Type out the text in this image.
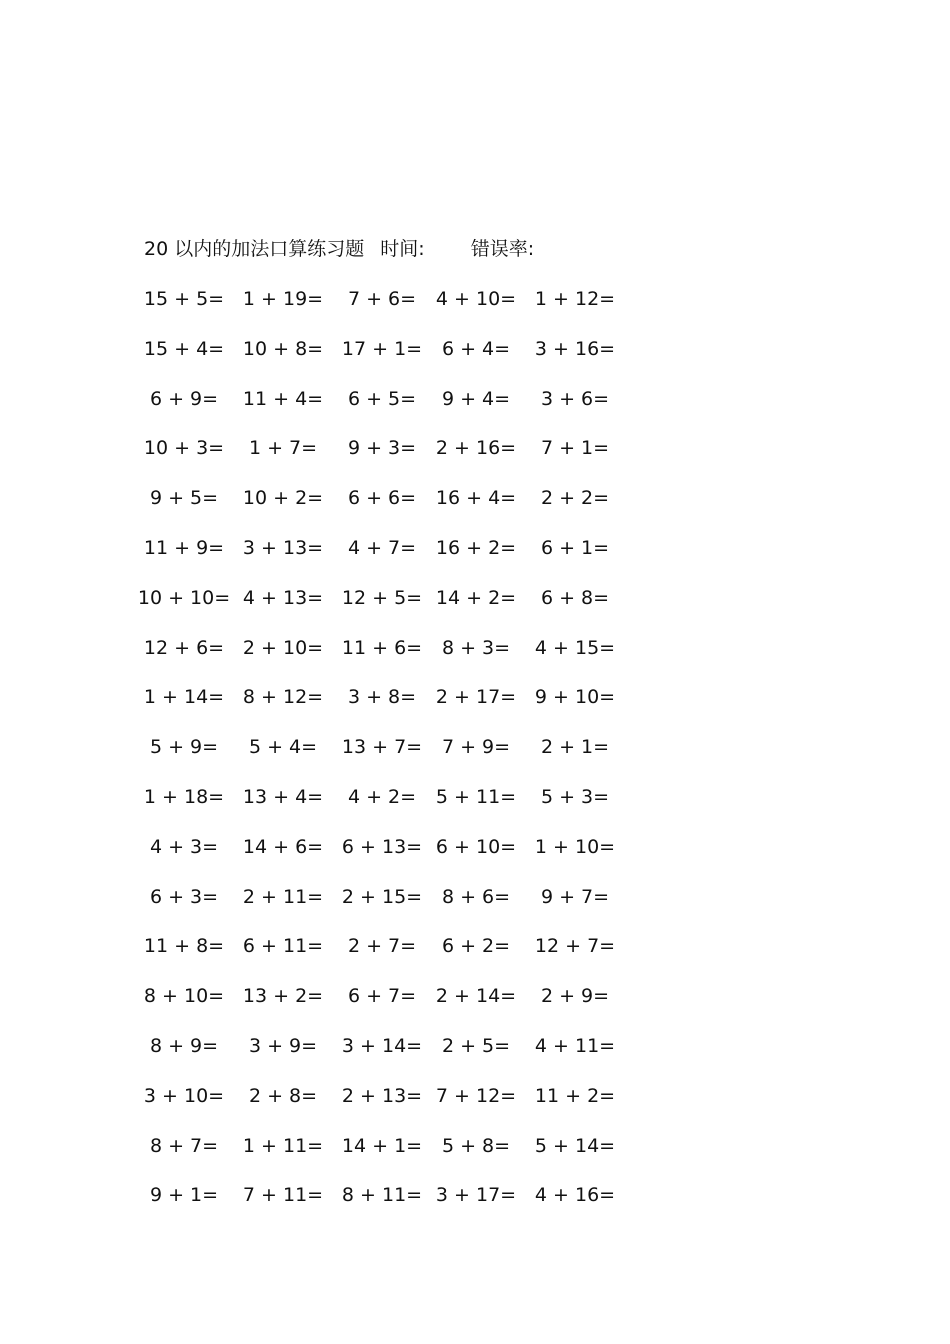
20 以内的加法口算练习题 时间: 错误率:
15 + 5= 1 + 19= 7 + 6= 4 + 10= 1 + 12=
15 + 4= 10 + 8= 17 + 1= 6 + 4= 3 + 16=
6 + 9= 11 + 4= 6 + 5= 9 + 4= 3 + 6=
10 + 3= 1 + 7= 9 + 3= 2 + 16= 7 + 1=
9 + 5= 10 + 2= 6 + 6= 16 + 4= 2 + 2=
11 + 9= 3 + 13= 4 + 7= 16 + 2= 6 + 1=
10 + 10= 4 + 13= 12 + 5= 14 + 2= 6 + 8=
12 + 6= 2 + 10= 11 + 6= 8 + 3= 4 + 15=
1 + 14= 8 + 12= 3 + 8= 2 + 17= 9 + 10=
5 + 9= 5 + 4= 13 + 7= 7 + 9= 2 + 1=
1 + 18= 13 + 4= 4 + 2= 5 + 11= 5 + 3=
4 + 3= 14 + 6= 6 + 13= 6 + 10= 1 + 10=
6 + 3= 2 + 11= 2 + 15= 8 + 6= 9 + 7=
11 + 8= 6 + 11= 2 + 7= 6 + 2= 12 + 7=
8 + 10= 13 + 2= 6 + 7= 2 + 14= 2 + 9=
8 + 9= 3 + 9= 3 + 14= 2 + 5= 4 + 11=
3 + 10= 2 + 8= 2 + 13= 7 + 12= 11 + 2=
8 + 7= 1 + 11= 14 + 1= 5 + 8= 5 + 14=
9 + 1= 7 + 11= 8 + 11= 3 + 17= 4 + 16=
